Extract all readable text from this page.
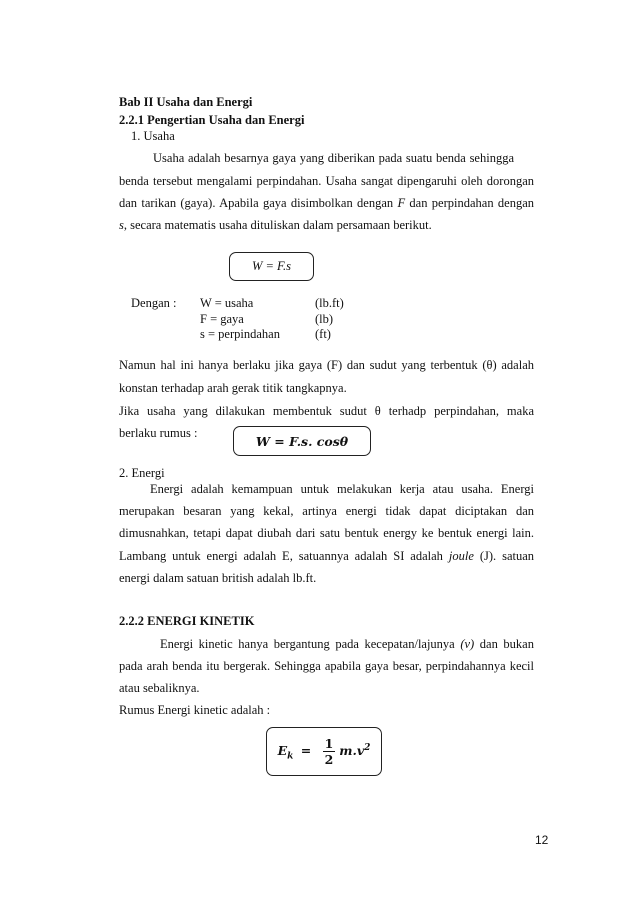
Bab II Usaha dan Energi
2.2.1 Pengertian Usaha dan Energi
1. Usaha
Usaha adalah besarnya gaya yang diberikan pada suatu benda sehingga
benda tersebut mengalami perpindahan. Usaha sangat dipengaruhi oleh dorongan
dan tarikan (gaya). Apabila gaya disimbolkan dengan F dan perpindahan dengan
s, secara matematis usaha dituliskan dalam persamaan berikut.
W = F.s
Dengan : W = usaha	(lb.ft)
F = gaya	(lb)
s = perpindahan	(ft)
Namun hal ini hanya berlaku jika gaya (F) dan sudut yang terbentuk (θ) adalah
konstan terhadap arah gerak titik tangkapnya.
Jika usaha yang dilakukan membentuk sudut θ terhadp perpindahan, maka
berlaku rumus :
W = F.s. cosθ
2. Energi
Energi adalah kemampuan untuk melakukan kerja atau usaha. Energi
merupakan besaran yang kekal, artinya energi tidak dapat diciptakan dan
dimusnahkan, tetapi dapat diubah dari satu bentuk energy ke bentuk energi lain.
Lambang untuk energi adalah E, satuannya adalah SI adalah joule (J). satuan
energi dalam satuan british adalah lb.ft.
2.2.2 ENERGI KINETIK
Energi kinetic hanya bergantung pada kecepatan/lajunya (v) dan bukan
pada arah benda itu bergerak. Sehingga apabila gaya besar, perpindahannya kecil
atau sebaliknya.
Rumus Energi kinetic adalah :
$E_k = \frac{1}{2} m.v^2$
12
